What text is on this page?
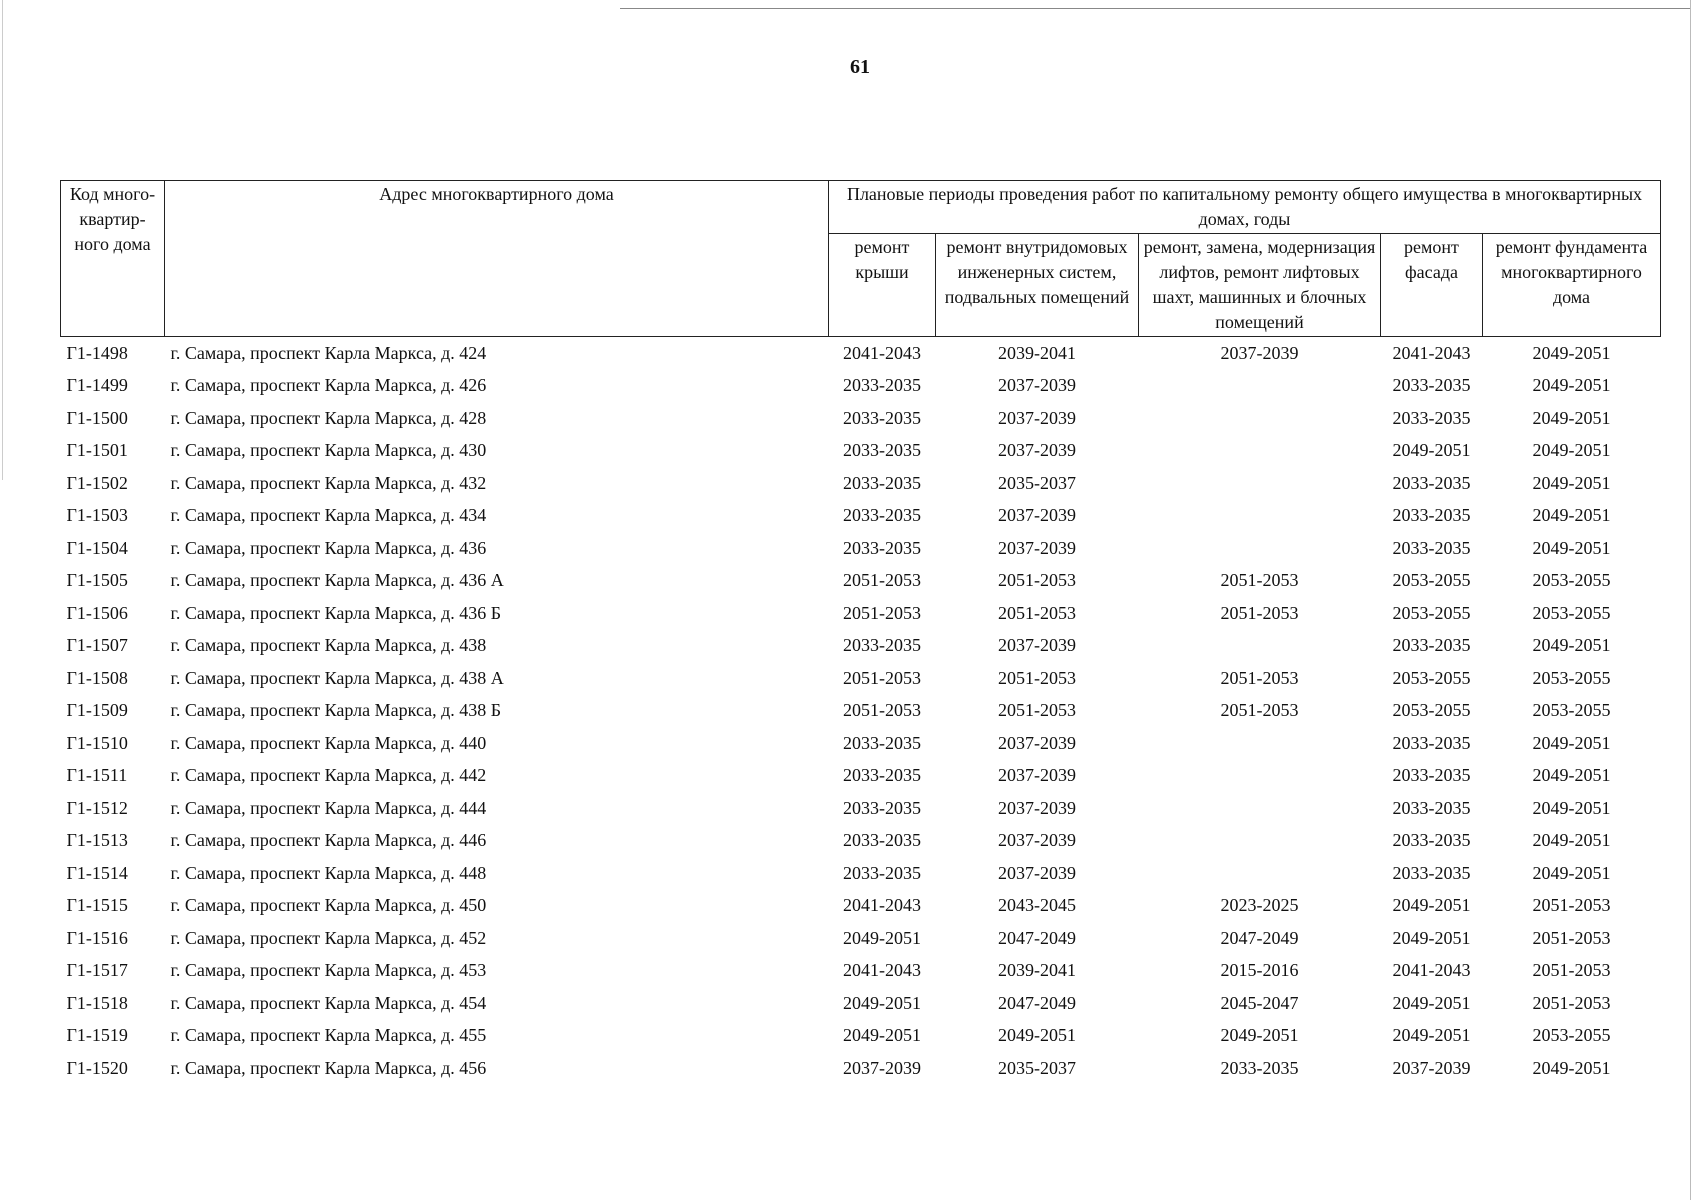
61
Код много-квартир-ного дома	Адрес многоквартирного дома	Плановые периоды проведения работ по капитальному ремонту общего имущества в многоквартирных домах, годы				
		ремонт крыши	ремонт внутридомовых инженерных систем, подвальных помещений	ремонт, замена, модернизация лифтов, ремонт лифтовых шахт, машинных и блочных помещений	ремонт фасада	ремонт фундамента многоквартирного дома
Г1-1498	г. Самара, проспект Карла Маркса, д. 424	2041-2043	2039-2041	2037-2039	2041-2043	2049-2051
Г1-1499	г. Самара, проспект Карла Маркса, д. 426	2033-2035	2037-2039		2033-2035	2049-2051
Г1-1500	г. Самара, проспект Карла Маркса, д. 428	2033-2035	2037-2039		2033-2035	2049-2051
Г1-1501	г. Самара, проспект Карла Маркса, д. 430	2033-2035	2037-2039		2049-2051	2049-2051
Г1-1502	г. Самара, проспект Карла Маркса, д. 432	2033-2035	2035-2037		2033-2035	2049-2051
Г1-1503	г. Самара, проспект Карла Маркса, д. 434	2033-2035	2037-2039		2033-2035	2049-2051
Г1-1504	г. Самара, проспект Карла Маркса, д. 436	2033-2035	2037-2039		2033-2035	2049-2051
Г1-1505	г. Самара, проспект Карла Маркса, д. 436 А	2051-2053	2051-2053	2051-2053	2053-2055	2053-2055
Г1-1506	г. Самара, проспект Карла Маркса, д. 436 Б	2051-2053	2051-2053	2051-2053	2053-2055	2053-2055
Г1-1507	г. Самара, проспект Карла Маркса, д. 438	2033-2035	2037-2039		2033-2035	2049-2051
Г1-1508	г. Самара, проспект Карла Маркса, д. 438 А	2051-2053	2051-2053	2051-2053	2053-2055	2053-2055
Г1-1509	г. Самара, проспект Карла Маркса, д. 438 Б	2051-2053	2051-2053	2051-2053	2053-2055	2053-2055
Г1-1510	г. Самара, проспект Карла Маркса, д. 440	2033-2035	2037-2039		2033-2035	2049-2051
Г1-1511	г. Самара, проспект Карла Маркса, д. 442	2033-2035	2037-2039		2033-2035	2049-2051
Г1-1512	г. Самара, проспект Карла Маркса, д. 444	2033-2035	2037-2039		2033-2035	2049-2051
Г1-1513	г. Самара, проспект Карла Маркса, д. 446	2033-2035	2037-2039		2033-2035	2049-2051
Г1-1514	г. Самара, проспект Карла Маркса, д. 448	2033-2035	2037-2039		2033-2035	2049-2051
Г1-1515	г. Самара, проспект Карла Маркса, д. 450	2041-2043	2043-2045	2023-2025	2049-2051	2051-2053
Г1-1516	г. Самара, проспект Карла Маркса, д. 452	2049-2051	2047-2049	2047-2049	2049-2051	2051-2053
Г1-1517	г. Самара, проспект Карла Маркса, д. 453	2041-2043	2039-2041	2015-2016	2041-2043	2051-2053
Г1-1518	г. Самара, проспект Карла Маркса, д. 454	2049-2051	2047-2049	2045-2047	2049-2051	2051-2053
Г1-1519	г. Самара, проспект Карла Маркса, д. 455	2049-2051	2049-2051	2049-2051	2049-2051	2053-2055
Г1-1520	г. Самара, проспект Карла Маркса, д. 456	2037-2039	2035-2037	2033-2035	2037-2039	2049-2051
